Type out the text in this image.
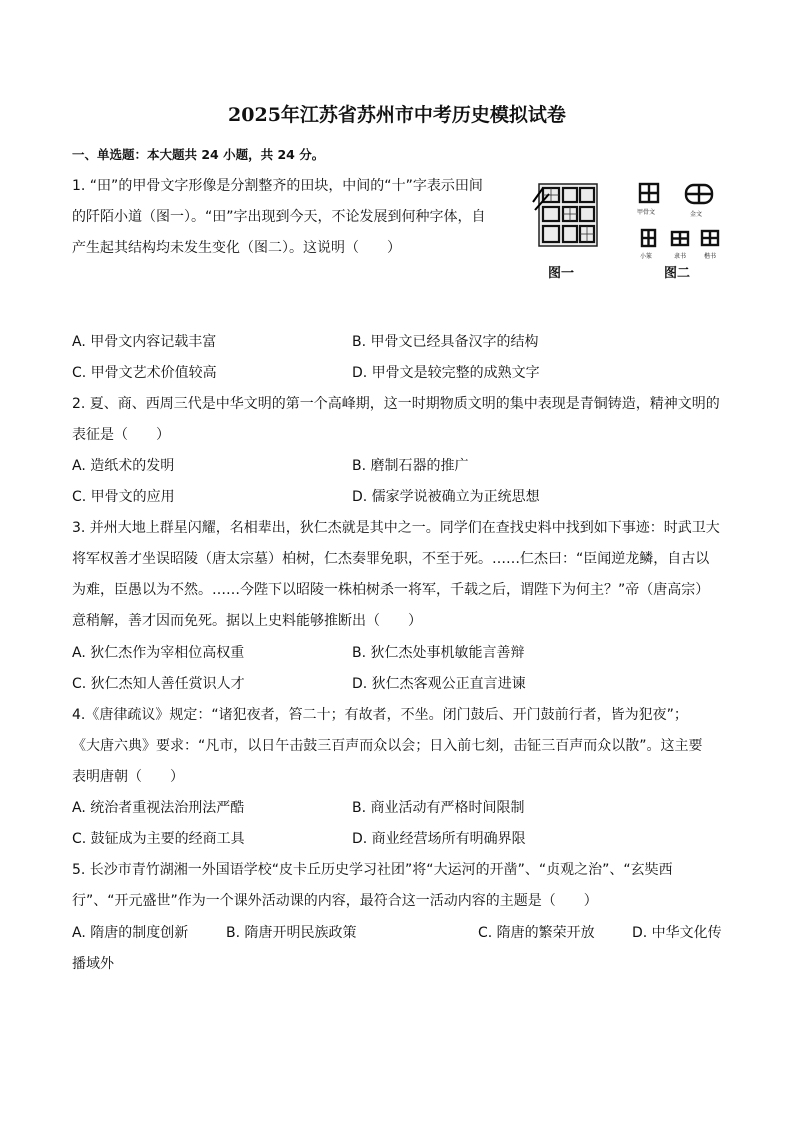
2025年江苏省苏州市中考历史模拟试卷
一、单选题：本大题共 24 小题，共 24 分。
1. “田”的甲骨文字形像是分割整齐的田块，中间的“十”字表示田间
的阡陌小道（图一）。“田”字出现到今天，不论发展到何种字体，自
产生起其结构均未发生变化（图二）。这说明（　　）
图一
甲骨文	金文
小篆	隶书	楷书
图二
A. 甲骨文内容记载丰富	B. 甲骨文已经具备汉字的结构
C. 甲骨文艺术价值较高	D. 甲骨文是较完整的成熟文字
2. 夏、商、西周三代是中华文明的第一个高峰期，这一时期物质文明的集中表现是青铜铸造，精神文明的
表征是（　　）
A. 造纸术的发明	B. 磨制石器的推广
C. 甲骨文的应用	D. 儒家学说被确立为正统思想
3. 并州大地上群星闪耀，名相辈出，狄仁杰就是其中之一。同学们在查找史料中找到如下事迹：时武卫大
将军权善才坐误昭陵（唐太宗墓）柏树，仁杰奏罪免职，不至于死。……仁杰曰：“臣闻逆龙鳞，自古以
为难，臣愚以为不然。……今陛下以昭陵一株柏树杀一将军，千载之后，谓陛下为何主？”帝（唐高宗）
意稍解，善才因而免死。据以上史料能够推断出（　　）
A. 狄仁杰作为宰相位高权重	B. 狄仁杰处事机敏能言善辩
C. 狄仁杰知人善任赏识人才	D. 狄仁杰客观公正直言进谏
4.《唐律疏议》规定：“诸犯夜者，笞二十；有故者，不坐。闭门鼓后、开门鼓前行者，皆为犯夜”；
《大唐六典》要求：“凡市，以日午击鼓三百声而众以会；日入前七刻，击钲三百声而众以散”。这主要
表明唐朝（　　）
A. 统治者重视法治刑法严酷	B. 商业活动有严格时间限制
C. 鼓钲成为主要的经商工具	D. 商业经营场所有明确界限
5. 长沙市青竹湖湘一外国语学校“皮卡丘历史学习社团”将“大运河的开凿”、“贞观之治”、“玄奘西
行”、“开元盛世”作为一个课外活动课的内容，最符合这一活动内容的主题是（　　）
A. 隋唐的制度创新	B. 隋唐开明民族政策	C. 隋唐的繁荣开放	D. 中华文化传
播域外
